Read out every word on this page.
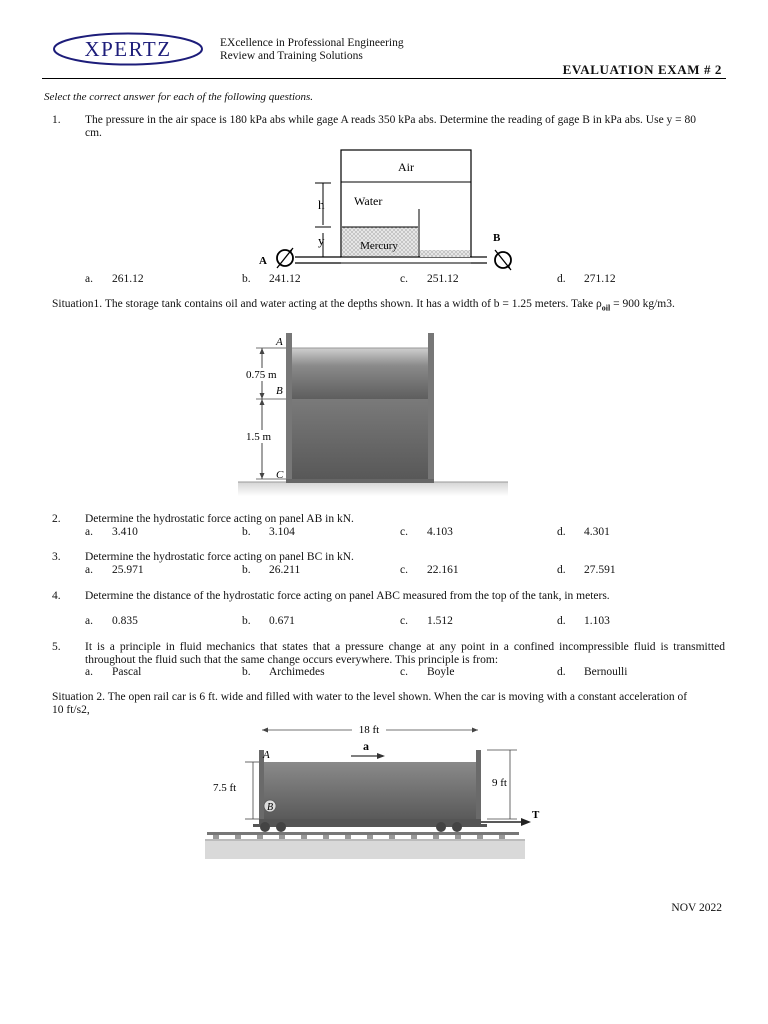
XPERTZ	EXcellence in Professional Engineering
Review and Training Solutions
EVALUATION EXAM # 2
Select the correct answer for each of the following questions.
1.	The pressure in the air space is 180 kPa abs while gage A reads 350 kPa abs. Determine the reading of gage B in kPa abs. Use y = 80 cm.
Air
Water
Mercury
h
y
A
B
a. 261.12	b. 241.12	c. 251.12	d. 271.12
Situation1. The storage tank contains oil and water acting at the depths shown. It has a width of b = 1.25 meters. Take $\rho_{oil} = 900$ kg/m3.
0.75 m
1.5 m
A
B
C
2.	Determine the hydrostatic force acting on panel AB in kN.
a. 3.410	b. 3.104	c. 4.103	d. 4.301
3.	Determine the hydrostatic force acting on panel BC in kN.
a. 25.971	b. 26.211	c. 22.161	d. 27.591
4.	Determine the distance of the hydrostatic force acting on panel ABC measured from the top of the tank, in meters.
a. 0.835	b. 0.671	c. 1.512	d. 1.103
5.	It is a principle in fluid mechanics that states that a pressure change at any point in a confined incompressible fluid is transmitted throughout the fluid such that the same change occurs everywhere. This principle is from:
a. Pascal	b. Archimedes	c. Boyle	d. Bernoulli
Situation 2. The open rail car is 6 ft. wide and filled with water to the level shown. When the car is moving with a constant acceleration of 10 ft/s2,
18 ft
a
7.5 ft
A
B
9 ft
T
NOV 2022
